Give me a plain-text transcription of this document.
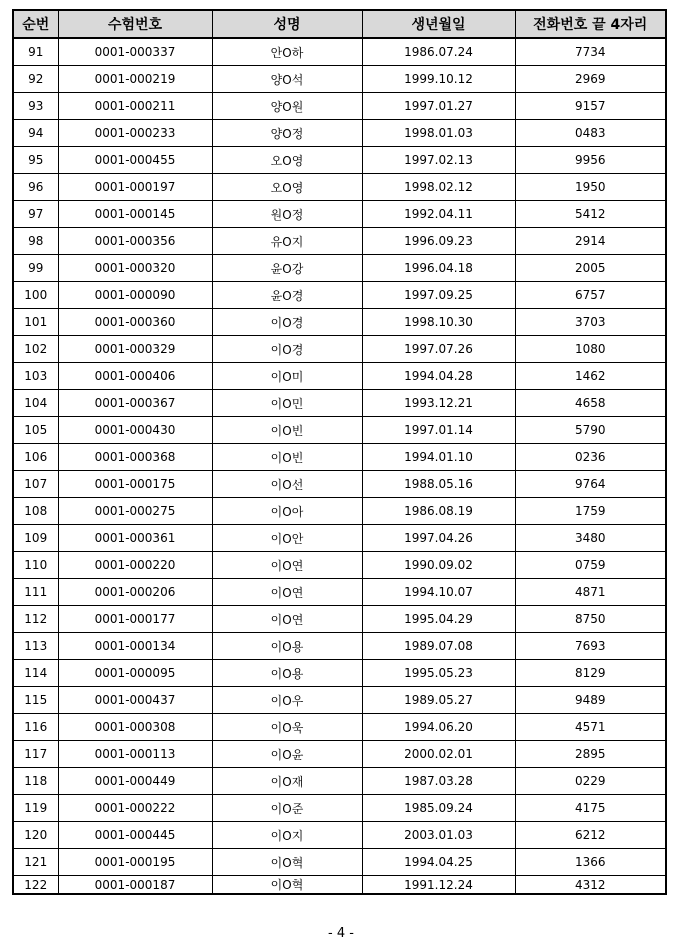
순번	수험번호	성명	생년월일	전화번호 끝 4자리
91	0001-000337	안O하	1986.07.24	7734
92	0001-000219	양O석	1999.10.12	2969
93	0001-000211	양O원	1997.01.27	9157
94	0001-000233	양O정	1998.01.03	0483
95	0001-000455	오O영	1997.02.13	9956
96	0001-000197	오O영	1998.02.12	1950
97	0001-000145	원O정	1992.04.11	5412
98	0001-000356	유O지	1996.09.23	2914
99	0001-000320	윤O강	1996.04.18	2005
100	0001-000090	윤O경	1997.09.25	6757
101	0001-000360	이O경	1998.10.30	3703
102	0001-000329	이O경	1997.07.26	1080
103	0001-000406	이O미	1994.04.28	1462
104	0001-000367	이O민	1993.12.21	4658
105	0001-000430	이O빈	1997.01.14	5790
106	0001-000368	이O빈	1994.01.10	0236
107	0001-000175	이O선	1988.05.16	9764
108	0001-000275	이O아	1986.08.19	1759
109	0001-000361	이O안	1997.04.26	3480
110	0001-000220	이O연	1990.09.02	0759
111	0001-000206	이O연	1994.10.07	4871
112	0001-000177	이O연	1995.04.29	8750
113	0001-000134	이O용	1989.07.08	7693
114	0001-000095	이O용	1995.05.23	8129
115	0001-000437	이O우	1989.05.27	9489
116	0001-000308	이O욱	1994.06.20	4571
117	0001-000113	이O윤	2000.02.01	2895
118	0001-000449	이O재	1987.03.28	0229
119	0001-000222	이O준	1985.09.24	4175
120	0001-000445	이O지	2003.01.03	6212
121	0001-000195	이O혁	1994.04.25	1366
122	0001-000187	이O혁	1991.12.24	4312
- 4 -
